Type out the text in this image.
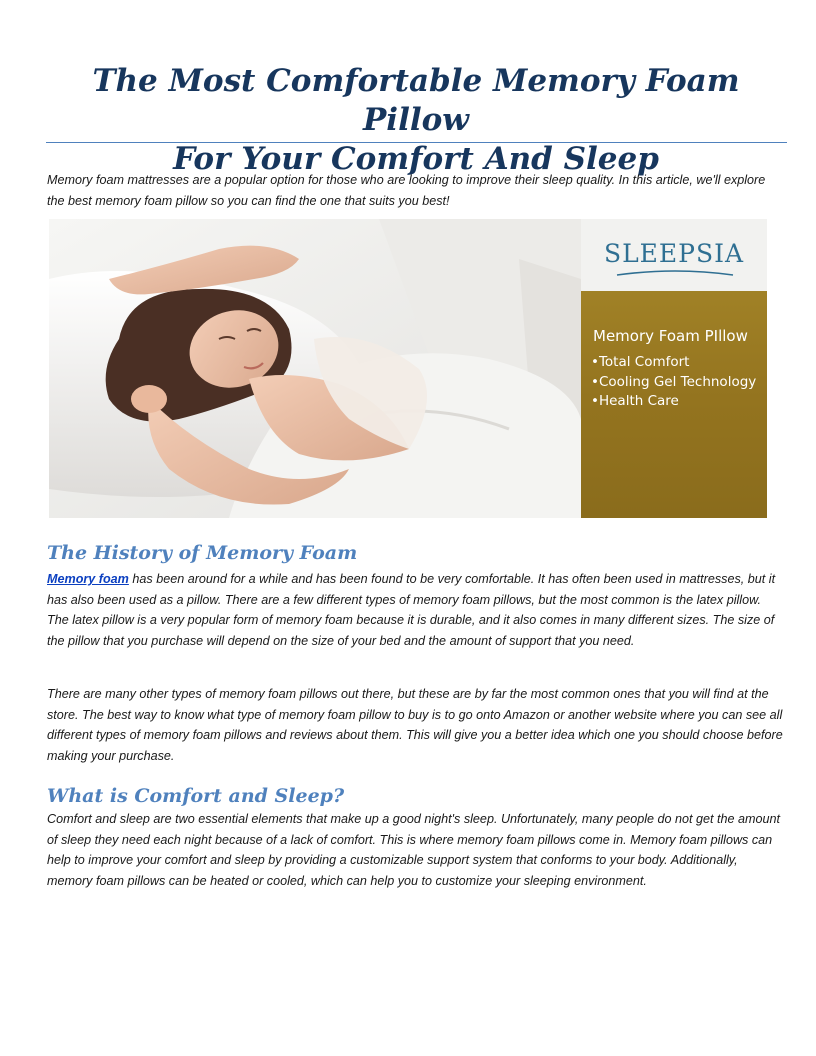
The Most Comfortable Memory Foam Pillow
For Your Comfort And Sleep

Memory foam mattresses are a popular option for those who are looking to improve their sleep quality. In this article, we'll explore the best memory foam pillow so you can find the one that suits you best!

SLEEPSIA
Memory Foam PIllow
•Total Comfort
•Cooling Gel Technology
•Health Care
The History of Memory Foam

Memory foam has been around for a while and has been found to be very comfortable. It has often been used in mattresses, but it has also been used as a pillow. There are a few different types of memory foam pillows, but the most common is the latex pillow. The latex pillow is a very popular form of memory foam because it is durable, and it also comes in many different sizes. The size of the pillow that you purchase will depend on the size of your bed and the amount of support that you need.

There are many other types of memory foam pillows out there, but these are by far the most common ones that you will find at the store. The best way to know what type of memory foam pillow to buy is to go onto Amazon or another website where you can see all different types of memory foam pillows and reviews about them. This will give you a better idea which one you should choose before making your purchase.

What is Comfort and Sleep?

Comfort and sleep are two essential elements that make up a good night's sleep. Unfortunately, many people do not get the amount of sleep they need each night because of a lack of comfort. This is where memory foam pillows come in. Memory foam pillows can help to improve your comfort and sleep by providing a customizable support system that conforms to your body. Additionally, memory foam pillows can be heated or cooled, which can help you to customize your sleeping environment.
